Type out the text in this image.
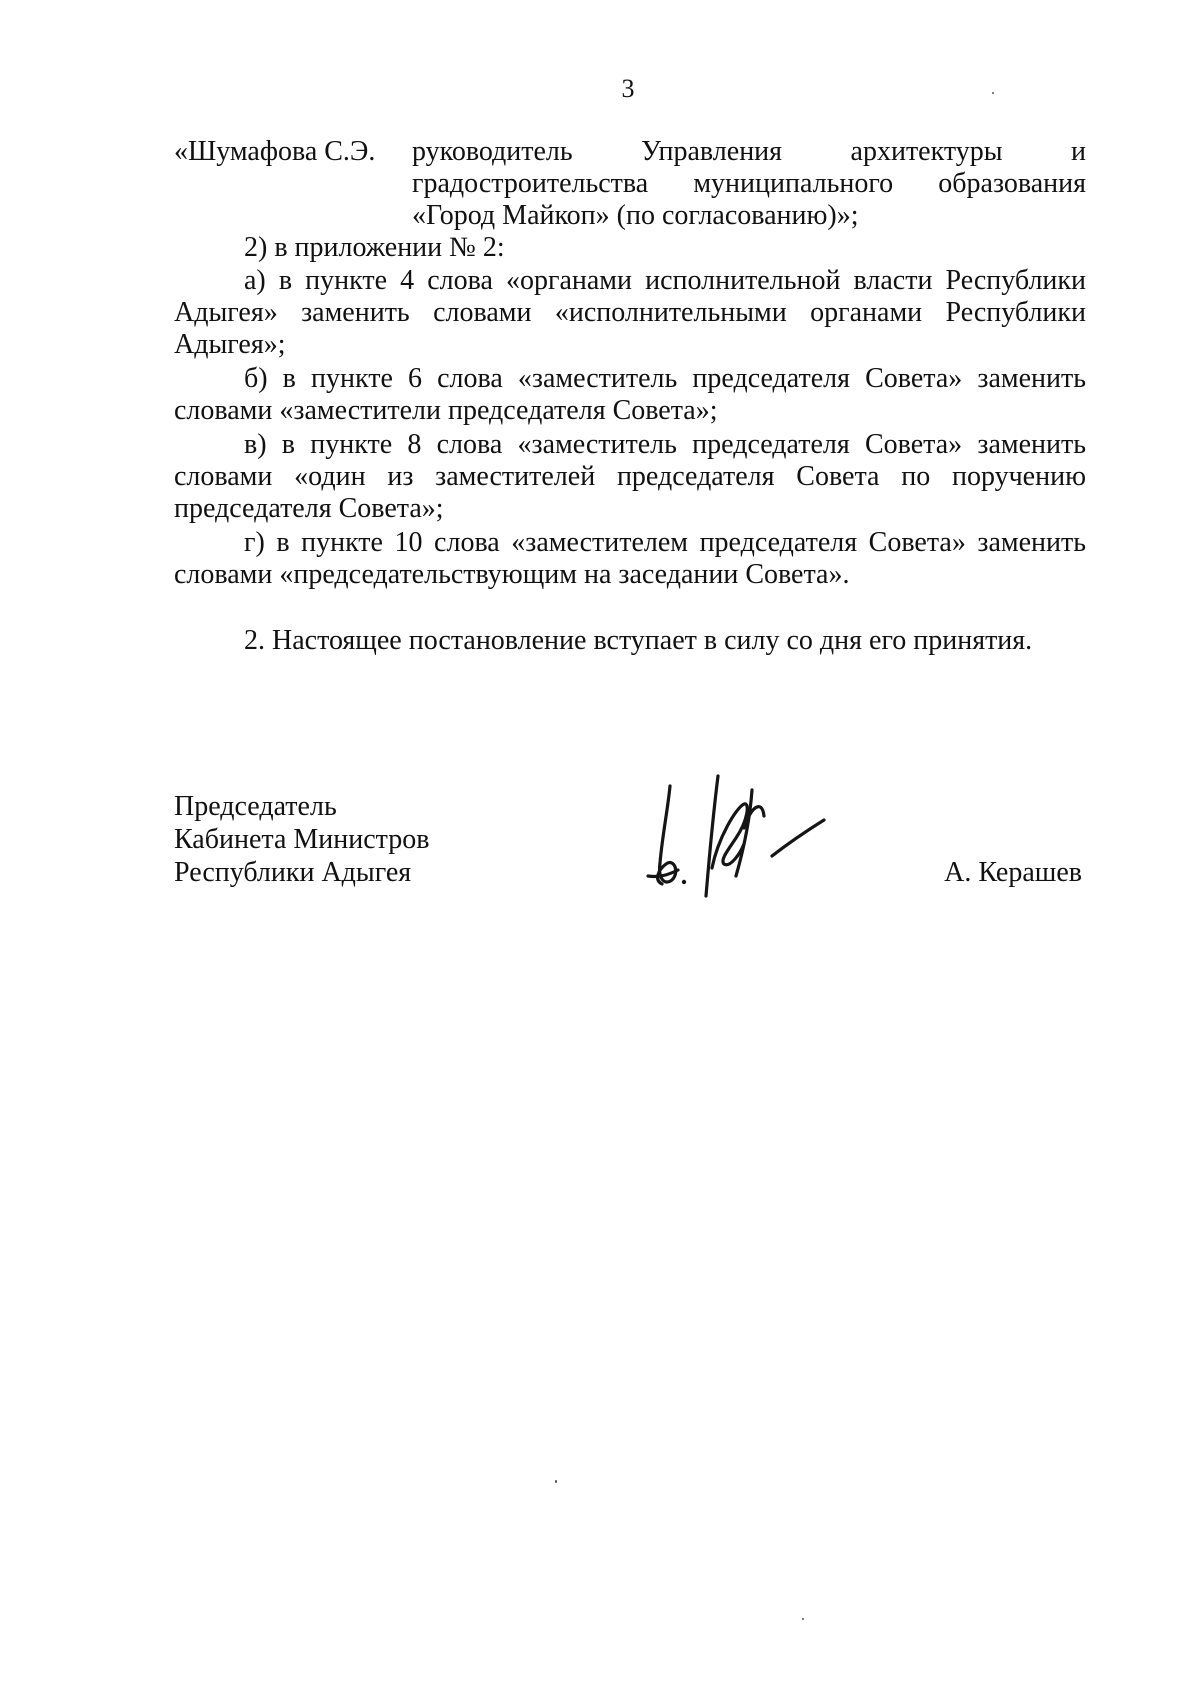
3
«Шумафова С.Э. руководитель Управления архитектуры и
градостроительства муниципального образования
«Город Майкоп» (по согласованию)»;
2) в приложении № 2:
а) в пункте 4 слова «органами исполнительной власти Республики
Адыгея» заменить словами «исполнительными органами Республики
Адыгея»;
б) в пункте 6 слова «заместитель председателя Совета» заменить
словами «заместители председателя Совета»;
в) в пункте 8 слова «заместитель председателя Совета» заменить
словами «один из заместителей председателя Совета по поручению
председателя Совета»;
г) в пункте 10 слова «заместителем председателя Совета» заменить
словами «председательствующим на заседании Совета».
2. Настоящее постановление вступает в силу со дня его принятия.
Председатель
Кабинета Министров
Республики Адыгея	А. Керашев
